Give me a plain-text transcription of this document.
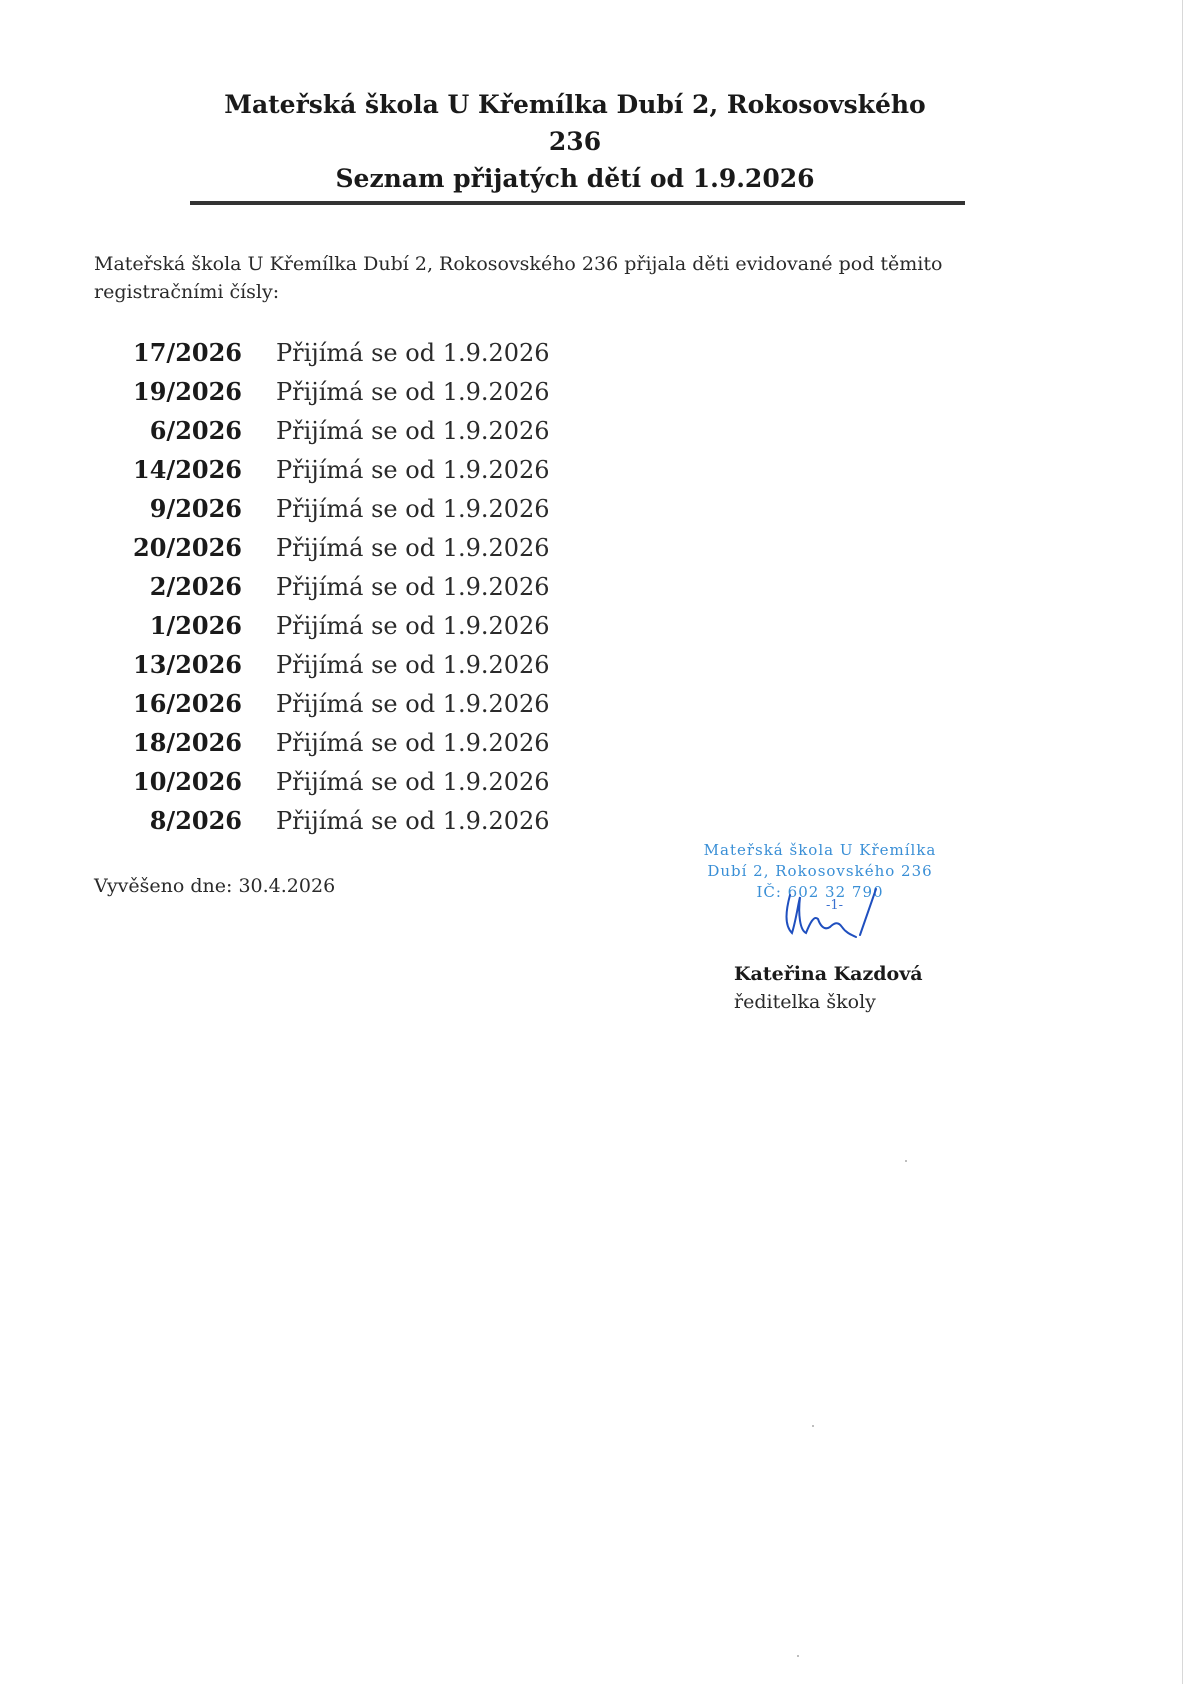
Mateřská škola U Křemílka Dubí 2, Rokosovského
236
Seznam přijatých dětí od 1.9.2026
Mateřská škola U Křemílka Dubí 2, Rokosovského 236 přijala děti evidované pod těmito registračními čísly:
17/2026 Přijímá se od 1.9.2026
19/2026 Přijímá se od 1.9.2026
6/2026 Přijímá se od 1.9.2026
14/2026 Přijímá se od 1.9.2026
9/2026 Přijímá se od 1.9.2026
20/2026 Přijímá se od 1.9.2026
2/2026 Přijímá se od 1.9.2026
1/2026 Přijímá se od 1.9.2026
13/2026 Přijímá se od 1.9.2026
16/2026 Přijímá se od 1.9.2026
18/2026 Přijímá se od 1.9.2026
10/2026 Přijímá se od 1.9.2026
8/2026 Přijímá se od 1.9.2026
Vyvěšeno dne: 30.4.2026
Mateřská škola U Křemílka
Dubí 2, Rokosovského 236
IČ: 602 32 790
-1-
Kateřina Kazdová
ředitelka školy
